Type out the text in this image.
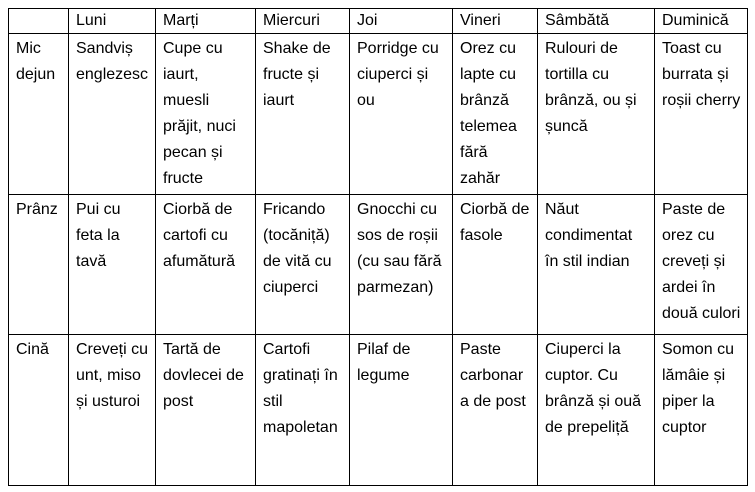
	Luni	Marți	Miercuri	Joi	Vineri	Sâmbătă	Duminică
Mic dejun	Sandviș englezesc	Cupe cu iaurt, muesli prăjit, nuci pecan și fructe	Shake de fructe și iaurt	Porridge cu ciuperci și ou	Orez cu lapte cu brânză telemea fără zahăr	Rulouri de tortilla cu brânză, ou și șuncă	Toast cu burrata și roșii cherry
Prânz	Pui cu feta la tavă	Ciorbă de cartofi cu afumătură	Fricando (tocăniță) de vită cu ciuperci	Gnocchi cu sos de roșii (cu sau fără parmezan)	Ciorbă de fasole	Năut condimentat în stil indian	Paste de orez cu creveți și ardei în două culori
Cină	Creveți cu unt, miso și usturoi	Tartă de dovlecei de post	Cartofi gratinați în stil mapoletan	Pilaf de legume	Paste carbonara de post	Ciuperci la cuptor. Cu brânză și ouă de prepeliță	Somon cu lămâie și piper la cuptor
